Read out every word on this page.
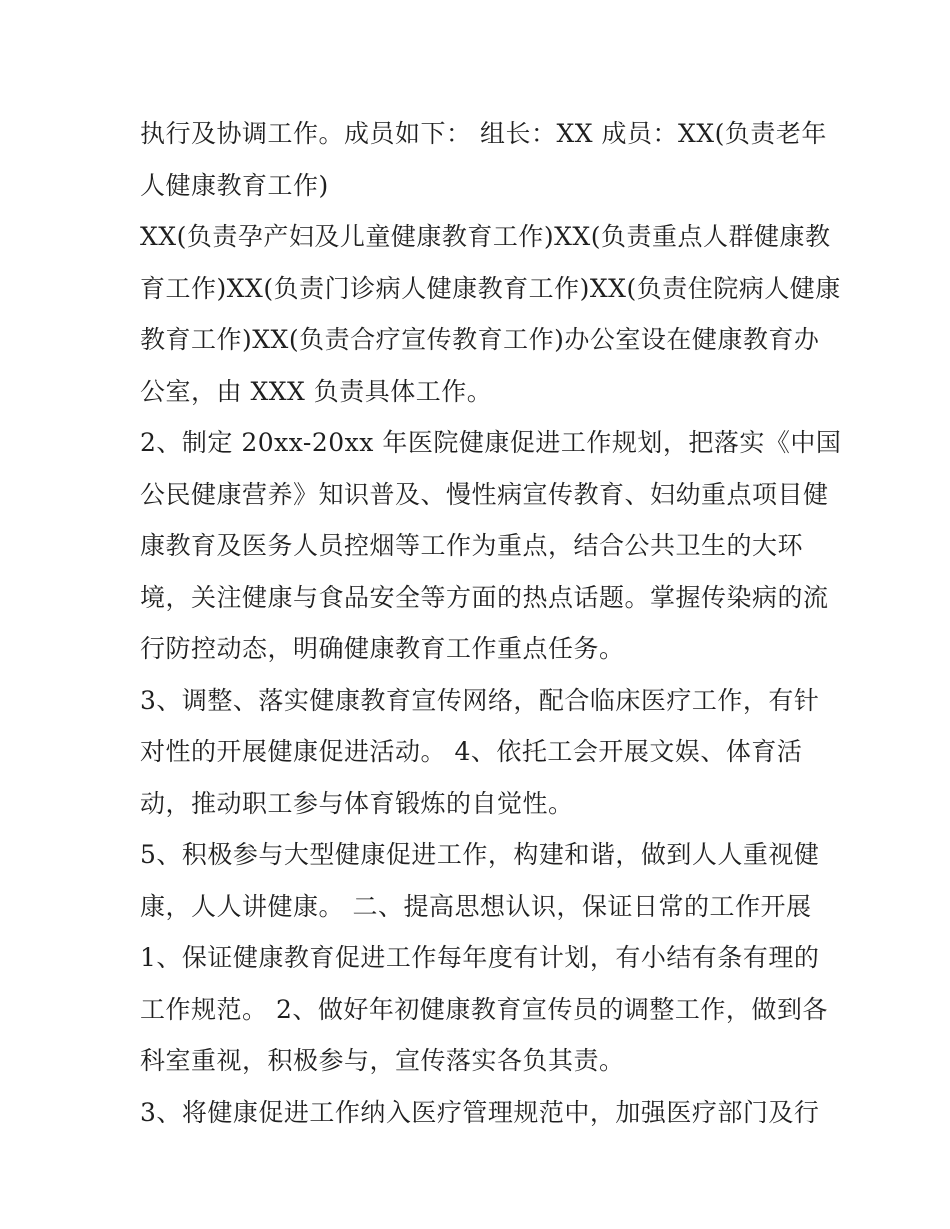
执行及协调工作。成员如下： 组长：XX 成员：XX(负责老年
人健康教育工作)
XX(负责孕产妇及儿童健康教育工作)XX(负责重点人群健康教
育工作)XX(负责门诊病人健康教育工作)XX(负责住院病人健康
教育工作)XX(负责合疗宣传教育工作)办公室设在健康教育办
公室，由 XXX 负责具体工作。
2、制定 20xx-20xx 年医院健康促进工作规划，把落实《中国
公民健康营养》知识普及、慢性病宣传教育、妇幼重点项目健
康教育及医务人员控烟等工作为重点，结合公共卫生的大环
境，关注健康与食品安全等方面的热点话题。掌握传染病的流
行防控动态，明确健康教育工作重点任务。
3、调整、落实健康教育宣传网络，配合临床医疗工作，有针
对性的开展健康促进活动。 4、依托工会开展文娱、体育活
动，推动职工参与体育锻炼的自觉性。
5、积极参与大型健康促进工作，构建和谐，做到人人重视健
康，人人讲健康。 二、提高思想认识，保证日常的工作开展
1、保证健康教育促进工作每年度有计划，有小结有条有理的
工作规范。 2、做好年初健康教育宣传员的调整工作，做到各
科室重视，积极参与，宣传落实各负其责。
3、将健康促进工作纳入医疗管理规范中，加强医疗部门及行
